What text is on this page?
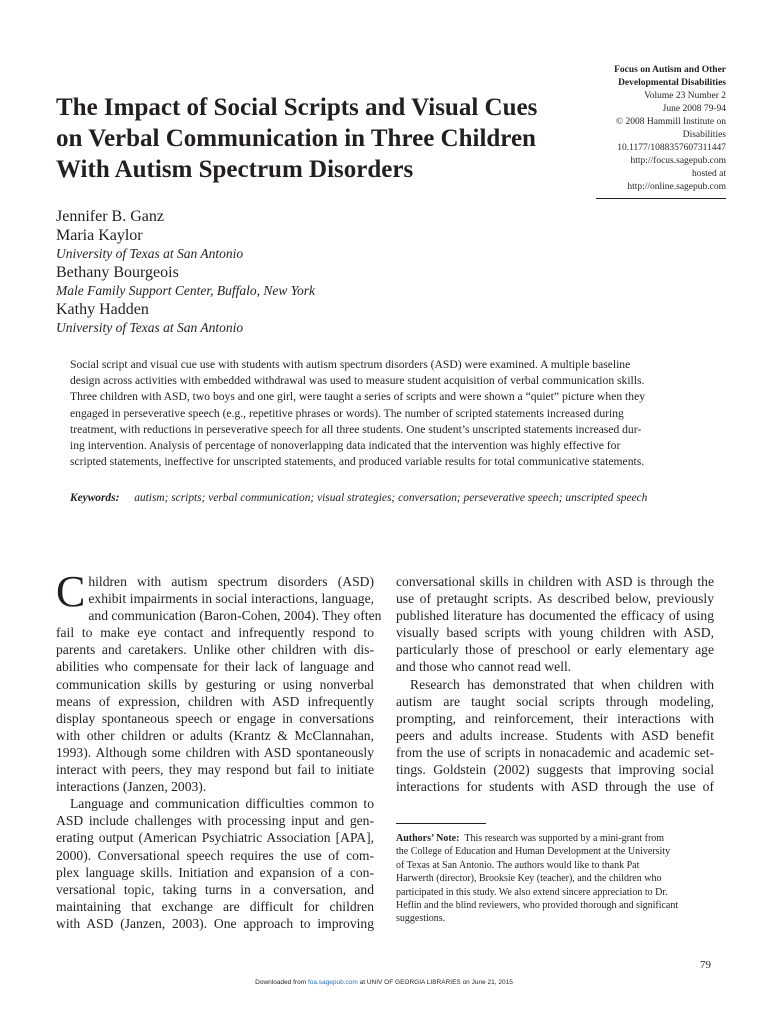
Focus on Autism and Other
Developmental Disabilities
Volume 23 Number 2
June 2008 79-94
© 2008 Hammill Institute on
Disabilities
10.1177/1088357607311447
http://focus.sagepub.com
hosted at
http://online.sagepub.com
The Impact of Social Scripts and Visual Cues
on Verbal Communication in Three Children
With Autism Spectrum Disorders
Jennifer B. Ganz
Maria Kaylor
University of Texas at San Antonio
Bethany Bourgeois
Male Family Support Center, Buffalo, New York
Kathy Hadden
University of Texas at San Antonio
Social script and visual cue use with students with autism spectrum disorders (ASD) were examined. A multiple baseline
design across activities with embedded withdrawal was used to measure student acquisition of verbal communication skills.
Three children with ASD, two boys and one girl, were taught a series of scripts and were shown a “quiet” picture when they
engaged in perseverative speech (e.g., repetitive phrases or words). The number of scripted statements increased during
treatment, with reductions in perseverative speech for all three students. One student’s unscripted statements increased dur-
ing intervention. Analysis of percentage of nonoverlapping data indicated that the intervention was highly effective for
scripted statements, ineffective for unscripted statements, and produced variable results for total communicative statements.
Keywords: autism; scripts; verbal communication; visual strategies; conversation; perseverative speech; unscripted speech
C hildren with autism spectrum disorders (ASD)
exhibit impairments in social interactions, language,
and communication (Baron-Cohen, 2004). They often
fail to make eye contact and infrequently respond to
parents and caretakers. Unlike other children with dis-
abilities who compensate for their lack of language and
communication skills by gesturing or using nonverbal
means of expression, children with ASD infrequently
display spontaneous speech or engage in conversations
with other children or adults (Krantz & McClannahan,
1993). Although some children with ASD spontaneously
interact with peers, they may respond but fail to initiate
interactions (Janzen, 2003).
Language and communication difficulties common to
ASD include challenges with processing input and gen-
erating output (American Psychiatric Association [APA],
2000). Conversational speech requires the use of com-
plex language skills. Initiation and expansion of a con-
versational topic, taking turns in a conversation, and
maintaining that exchange are difficult for children
with ASD (Janzen, 2003). One approach to improving
conversational skills in children with ASD is through the
use of pretaught scripts. As described below, previously
published literature has documented the efficacy of using
visually based scripts with young children with ASD,
particularly those of preschool or early elementary age
and those who cannot read well.
Research has demonstrated that when children with
autism are taught social scripts through modeling,
prompting, and reinforcement, their interactions with
peers and adults increase. Students with ASD benefit
from the use of scripts in nonacademic and academic set-
tings. Goldstein (2002) suggests that improving social
interactions for students with ASD through the use of
Authors’ Note: This research was supported by a mini-grant from
the College of Education and Human Development at the University
of Texas at San Antonio. The authors would like to thank Pat
Harwerth (director), Brooksie Key (teacher), and the children who
participated in this study. We also extend sincere appreciation to Dr.
Heflin and the blind reviewers, who provided thorough and significant
suggestions.
79
Downloaded from foa.sagepub.com at UNIV OF GEORGIA LIBRARIES on June 21, 2015
